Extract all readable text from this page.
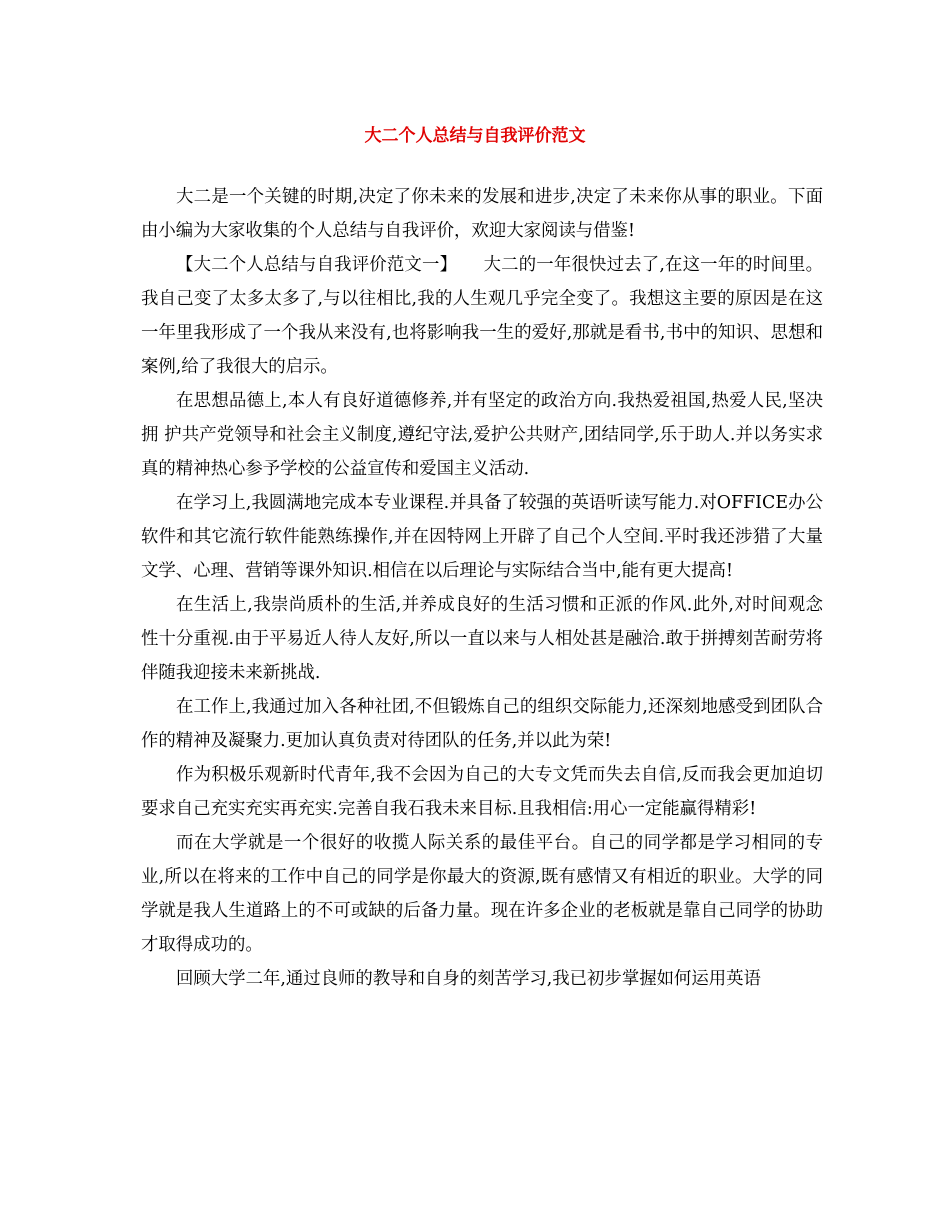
大二个人总结与自我评价范文

大二是一个关键的时期,决定了你未来的发展和进步,决定了未来你从事的职业。下面由小编为大家收集的个人总结与自我评价，欢迎大家阅读与借鉴!

【大二个人总结与自我评价范文一】　　大二的一年很快过去了,在这一年的时间里。我自己变了太多太多了,与以往相比,我的人生观几乎完全变了。我想这主要的原因是在这一年里我形成了一个我从来没有,也将影响我一生的爱好,那就是看书,书中的知识、思想和案例,给了我很大的启示。

在思想品德上,本人有良好道德修养,并有坚定的政治方向.我热爱祖国,热爱人民,坚决拥 护共产党领导和社会主义制度,遵纪守法,爱护公共财产,团结同学,乐于助人.并以务实求真的精神热心参予学校的公益宣传和爱国主义活动.

在学习上,我圆满地完成本专业课程.并具备了较强的英语听读写能力.对OFFICE办公软件和其它流行软件能熟练操作,并在因特网上开辟了自己个人空间.平时我还涉猎了大量文学、心理、营销等课外知识.相信在以后理论与实际结合当中,能有更大提高!

在生活上,我崇尚质朴的生活,并养成良好的生活习惯和正派的作风.此外,对时间观念性十分重视.由于平易近人待人友好,所以一直以来与人相处甚是融洽.敢于拼搏刻苦耐劳将伴随我迎接未来新挑战.

在工作上,我通过加入各种社团,不但锻炼自己的组织交际能力,还深刻地感受到团队合作的精神及凝聚力.更加认真负责对待团队的任务,并以此为荣!

作为积极乐观新时代青年,我不会因为自己的大专文凭而失去自信,反而我会更加迫切要求自己充实充实再充实.完善自我石我未来目标.且我相信:用心一定能赢得精彩!

而在大学就是一个很好的收揽人际关系的最佳平台。自己的同学都是学习相同的专业,所以在将来的工作中自己的同学是你最大的资源,既有感情又有相近的职业。大学的同学就是我人生道路上的不可或缺的后备力量。现在许多企业的老板就是靠自己同学的协助才取得成功的。

回顾大学二年,通过良师的教导和自身的刻苦学习,我已初步掌握如何运用英语
